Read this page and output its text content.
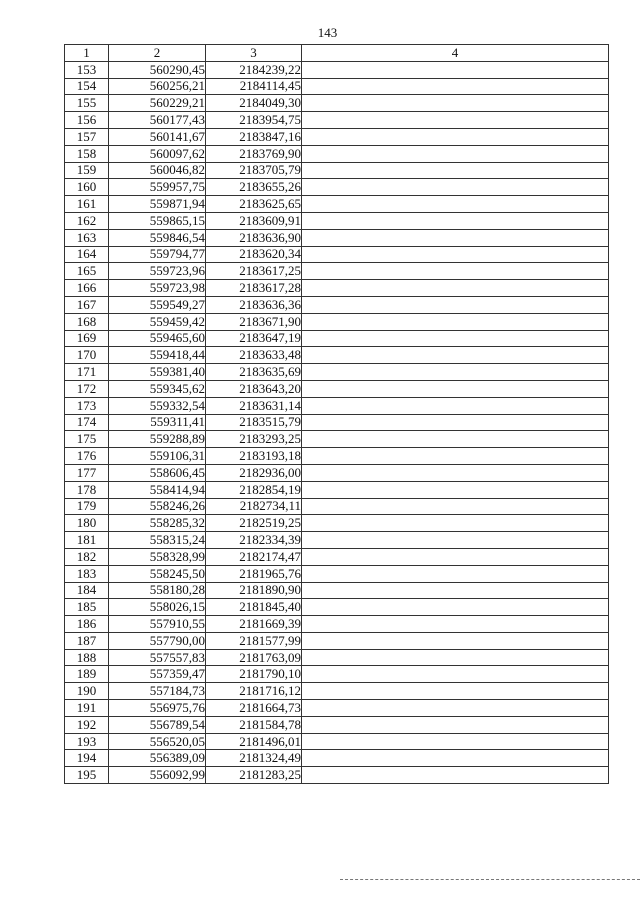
143
1	2	3	4
153	560290,45	2184239,22	
154	560256,21	2184114,45	
155	560229,21	2184049,30	
156	560177,43	2183954,75	
157	560141,67	2183847,16	
158	560097,62	2183769,90	
159	560046,82	2183705,79	
160	559957,75	2183655,26	
161	559871,94	2183625,65	
162	559865,15	2183609,91	
163	559846,54	2183636,90	
164	559794,77	2183620,34	
165	559723,96	2183617,25	
166	559723,98	2183617,28	
167	559549,27	2183636,36	
168	559459,42	2183671,90	
169	559465,60	2183647,19	
170	559418,44	2183633,48	
171	559381,40	2183635,69	
172	559345,62	2183643,20	
173	559332,54	2183631,14	
174	559311,41	2183515,79	
175	559288,89	2183293,25	
176	559106,31	2183193,18	
177	558606,45	2182936,00	
178	558414,94	2182854,19	
179	558246,26	2182734,11	
180	558285,32	2182519,25	
181	558315,24	2182334,39	
182	558328,99	2182174,47	
183	558245,50	2181965,76	
184	558180,28	2181890,90	
185	558026,15	2181845,40	
186	557910,55	2181669,39	
187	557790,00	2181577,99	
188	557557,83	2181763,09	
189	557359,47	2181790,10	
190	557184,73	2181716,12	
191	556975,76	2181664,73	
192	556789,54	2181584,78	
193	556520,05	2181496,01	
194	556389,09	2181324,49	
195	556092,99	2181283,25	
